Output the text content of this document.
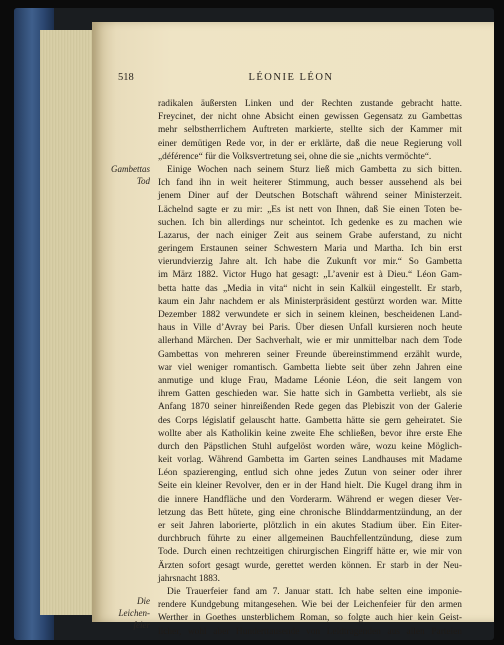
518	LÉONIE LÉON
Gambettas Tod
Die Leichen-
feier
radikalen äußersten Linken und der Rechten zustande gebracht hatte.
Freycinet, der nicht ohne Absicht einen gewissen Gegensatz zu Gambettas
mehr selbstherrlichem Auftreten markierte, stellte sich der Kammer mit
einer demütigen Rede vor, in der er erklärte, daß die neue Regierung voll
„déférence“ für die Volksvertretung sei, ohne die sie „nichts vermöchte“.
Einige Wochen nach seinem Sturz ließ mich Gambetta zu sich bitten.
Ich fand ihn in weit heiterer Stimmung, auch besser aussehend als bei
jenem Diner auf der Deutschen Botschaft während seiner Ministerzeit.
Lächelnd sagte er zu mir: „Es ist nett von Ihnen, daß Sie einen Toten be-
suchen. Ich bin allerdings nur scheintot. Ich gedenke es zu machen wie
Lazarus, der nach einiger Zeit aus seinem Grabe auferstand, zu nicht
geringem Erstaunen seiner Schwestern Maria und Martha. Ich bin erst
vierundvierzig Jahre alt. Ich habe die Zukunft vor mir.“ So Gambetta
im März 1882. Victor Hugo hat gesagt: „L’avenir est à Dieu.“ Léon Gam-
betta hatte das „Media in vita“ nicht in sein Kalkül eingestellt. Er starb,
kaum ein Jahr nachdem er als Ministerpräsident gestürzt worden war. Mitte
Dezember 1882 verwundete er sich in seinem kleinen, bescheidenen Land-
haus in Ville d’Avray bei Paris. Über diesen Unfall kursieren noch heute
allerhand Märchen. Der Sachverhalt, wie er mir unmittelbar nach dem Tode
Gambettas von mehreren seiner Freunde übereinstimmend erzählt wurde,
war viel weniger romantisch. Gambetta liebte seit über zehn Jahren eine
anmutige und kluge Frau, Madame Léonie Léon, die seit langem von
ihrem Gatten geschieden war. Sie hatte sich in Gambetta verliebt, als sie
Anfang 1870 seiner hinreißenden Rede gegen das Plebiszit von der Galerie
des Corps législatif gelauscht hatte. Gambetta hätte sie gern geheiratet. Sie
wollte aber als Katholikin keine zweite Ehe schließen, bevor ihre erste Ehe
durch den Päpstlichen Stuhl aufgelöst worden wäre, wozu keine Möglich-
keit vorlag. Während Gambetta im Garten seines Landhauses mit Madame
Léon spazierenging, entlud sich ohne jedes Zutun von seiner oder ihrer
Seite ein kleiner Revolver, den er in der Hand hielt. Die Kugel drang ihm in
die innere Handfläche und den Vorderarm. Während er wegen dieser Ver-
letzung das Bett hütete, ging eine chronische Blinddarmentzündung, an der
er seit Jahren laborierte, plötzlich in ein akutes Stadium über. Ein Eiter-
durchbruch führte zu einer allgemeinen Bauchfellentzündung, diese zum
Tode. Durch einen rechtzeitigen chirurgischen Eingriff hätte er, wie mir von
Ärzten sofort gesagt wurde, gerettet werden können. Er starb in der Neu-
jahrsnacht 1883.
Die Trauerfeier fand am 7. Januar statt. Ich habe selten eine imponie-
rendere Kundgebung mitangesehen. Wie bei der Leichenfeier für den armen
Werther in Goethes unsterblichem Roman, so folgte auch hier kein Geist-
licher, wohl aber Hunderttausende von Leidtragenden aus allen Parteien
